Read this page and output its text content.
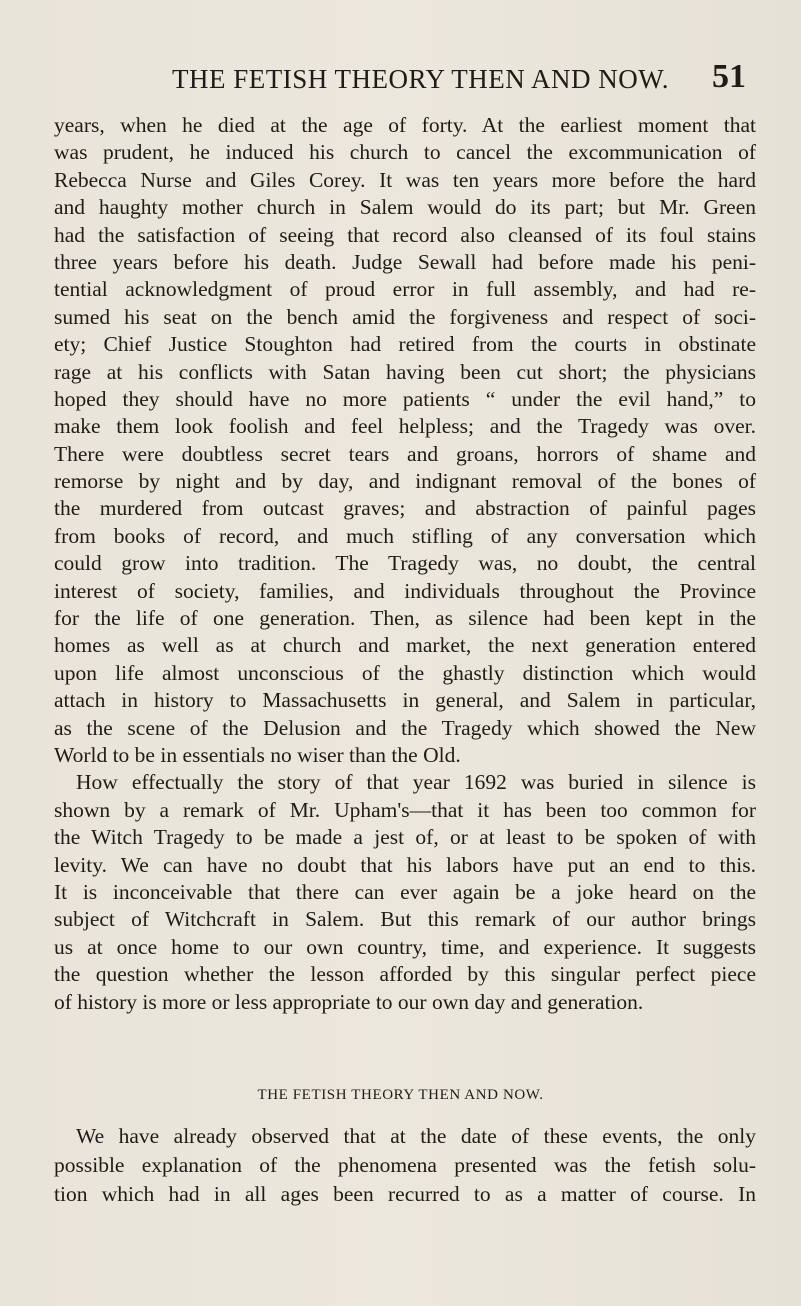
THE FETISH THEORY THEN AND NOW. 51
years, when he died at the age of forty. At the earliest moment that
was prudent, he induced his church to cancel the excommunication of
Rebecca Nurse and Giles Corey. It was ten years more before the hard
and haughty mother church in Salem would do its part; but Mr. Green
had the satisfaction of seeing that record also cleansed of its foul stains
three years before his death. Judge Sewall had before made his peni-
tential acknowledgment of proud error in full assembly, and had re-
sumed his seat on the bench amid the forgiveness and respect of soci-
ety; Chief Justice Stoughton had retired from the courts in obstinate
rage at his conflicts with Satan having been cut short; the physicians
hoped they should have no more patients “ under the evil hand,” to
make them look foolish and feel helpless; and the Tragedy was over.
There were doubtless secret tears and groans, horrors of shame and
remorse by night and by day, and indignant removal of the bones of
the murdered from outcast graves; and abstraction of painful pages
from books of record, and much stifling of any conversation which
could grow into tradition. The Tragedy was, no doubt, the central
interest of society, families, and individuals throughout the Province
for the life of one generation. Then, as silence had been kept in the
homes as well as at church and market, the next generation entered
upon life almost unconscious of the ghastly distinction which would
attach in history to Massachusetts in general, and Salem in particular,
as the scene of the Delusion and the Tragedy which showed the New
World to be in essentials no wiser than the Old.
How effectually the story of that year 1692 was buried in silence is
shown by a remark of Mr. Upham's—that it has been too common for
the Witch Tragedy to be made a jest of, or at least to be spoken of with
levity. We can have no doubt that his labors have put an end to this.
It is inconceivable that there can ever again be a joke heard on the
subject of Witchcraft in Salem. But this remark of our author brings
us at once home to our own country, time, and experience. It suggests
the question whether the lesson afforded by this singular perfect piece
of history is more or less appropriate to our own day and generation.
THE FETISH THEORY THEN AND NOW.
We have already observed that at the date of these events, the only
possible explanation of the phenomena presented was the fetish solu-
tion which had in all ages been recurred to as a matter of course. In
